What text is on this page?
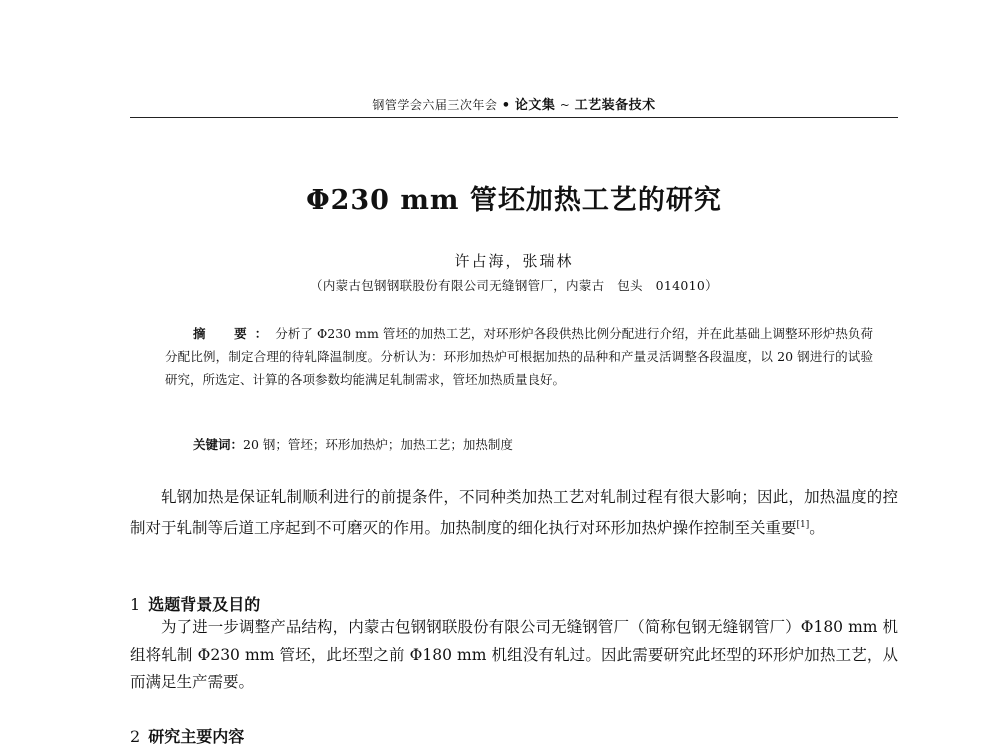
钢管学会六届三次年会 • 论文集 ~ 工艺装备技术
Φ230 mm 管坯加热工艺的研究
许占海，张瑞林
（内蒙古包钢钢联股份有限公司无缝钢管厂，内蒙古　包头　014010）
摘　要：分析了 Φ230 mm 管坯的加热工艺，对环形炉各段供热比例分配进行介绍，并在此基础上调整环形炉热负荷分配比例，制定合理的待轧降温制度。分析认为：环形加热炉可根据加热的品种和产量灵活调整各段温度，以 20 钢进行的试验研究，所选定、计算的各项参数均能满足轧制需求，管坯加热质量良好。
关键词：20 钢；管坯；环形加热炉；加热工艺；加热制度
轧钢加热是保证轧制顺利进行的前提条件，不同种类加热工艺对轧制过程有很大影响；因此，加热温度的控制对于轧制等后道工序起到不可磨灭的作用。加热制度的细化执行对环形加热炉操作控制至关重要[1]。
1 选题背景及目的
为了进一步调整产品结构，内蒙古包钢钢联股份有限公司无缝钢管厂（简称包钢无缝钢管厂）Φ180 mm 机组将轧制 Φ230 mm 管坯，此坯型之前 Φ180 mm 机组没有轧过。因此需要研究此坯型的环形炉加热工艺，从而满足生产需要。
2 研究主要内容
